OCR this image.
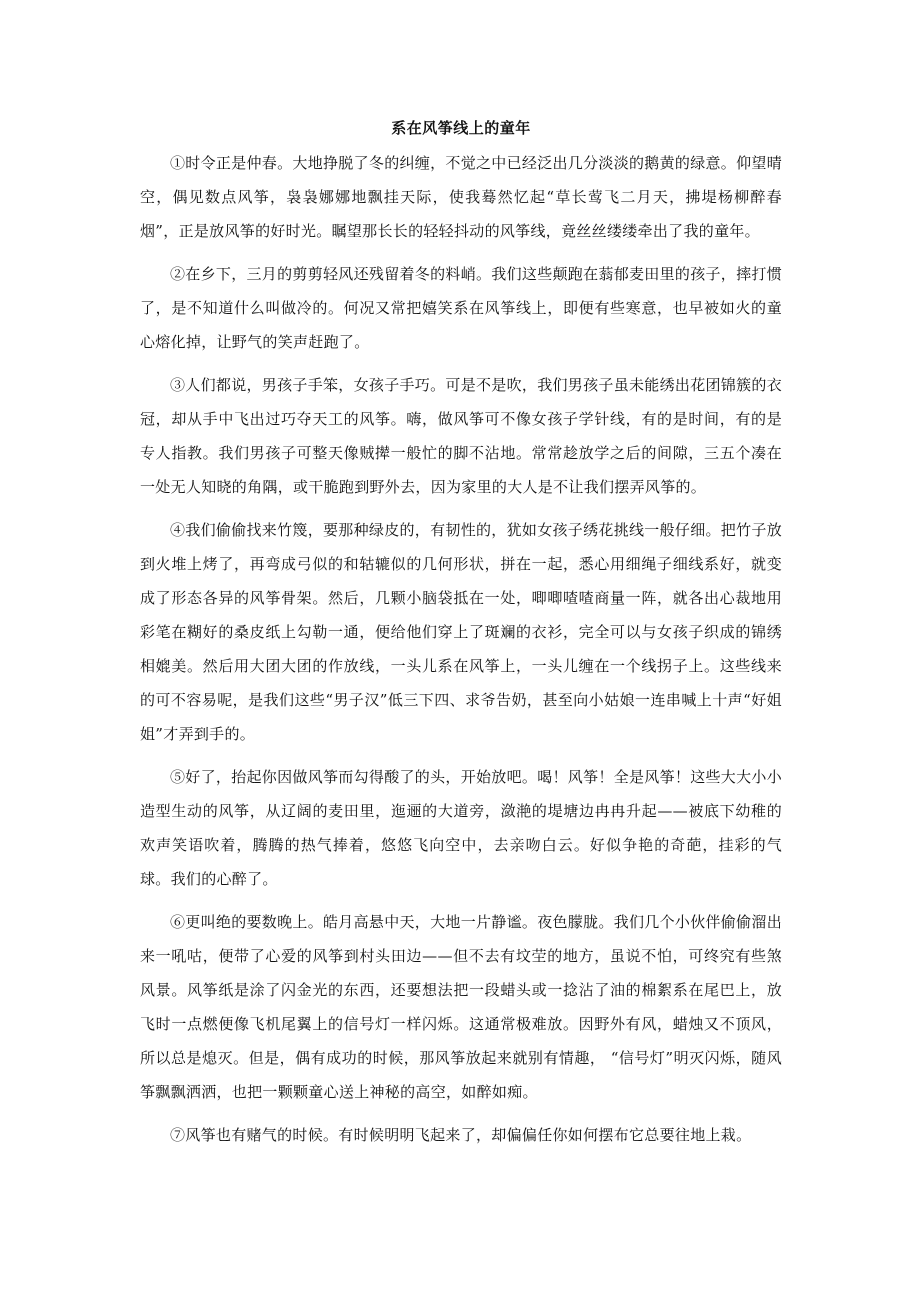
系在风筝线上的童年

①时令正是仲春。大地挣脱了冬的纠缠，不觉之中已经泛出几分淡淡的鹅黄的绿意。仰望晴空，偶见数点风筝，袅袅娜娜地飘挂天际，使我蓦然忆起“草长莺飞二月天，拂堤杨柳醉春烟”，正是放风筝的好时光。瞩望那长长的轻轻抖动的风筝线，竟丝丝缕缕牵出了我的童年。

②在乡下，三月的剪剪轻风还残留着冬的料峭。我们这些颠跑在蓊郁麦田里的孩子，摔打惯了，是不知道什么叫做冷的。何况又常把嬉笑系在风筝线上，即便有些寒意，也早被如火的童心熔化掉，让野气的笑声赶跑了。

③人们都说，男孩子手笨，女孩子手巧。可是不是吹，我们男孩子虽未能绣出花团锦簇的衣冠，却从手中飞出过巧夺天工的风筝。嗨，做风筝可不像女孩子学针线，有的是时间，有的是专人指教。我们男孩子可整天像贼撵一般忙的脚不沾地。常常趁放学之后的间隙，三五个凑在一处无人知晓的角隅，或干脆跑到野外去，因为家里的大人是不让我们摆弄风筝的。

④我们偷偷找来竹篾，要那种绿皮的，有韧性的，犹如女孩子绣花挑线一般仔细。把竹子放到火堆上烤了，再弯成弓似的和轱辘似的几何形状，拼在一起，悉心用细绳子细线系好，就变成了形态各异的风筝骨架。然后，几颗小脑袋抵在一处，唧唧喳喳商量一阵，就各出心裁地用彩笔在糊好的桑皮纸上勾勒一通，便给他们穿上了斑斓的衣衫，完全可以与女孩子织成的锦绣相媲美。然后用大团大团的作放线，一头儿系在风筝上，一头儿缠在一个线拐子上。这些线来的可不容易呢，是我们这些“男子汉”低三下四、求爷告奶，甚至向小姑娘一连串喊上十声“好姐姐”才弄到手的。

⑤好了，抬起你因做风筝而勾得酸了的头，开始放吧。喝！风筝！全是风筝！这些大大小小造型生动的风筝，从辽阔的麦田里，迤逦的大道旁，潋滟的堤塘边冉冉升起——被底下幼稚的欢声笑语吹着，腾腾的热气捧着，悠悠飞向空中，去亲吻白云。好似争艳的奇葩，挂彩的气球。我们的心醉了。

⑥更叫绝的要数晚上。皓月高悬中天，大地一片静谧。夜色朦胧。我们几个小伙伴偷偷溜出来一吼咕，便带了心爱的风筝到村头田边——但不去有坟茔的地方，虽说不怕，可终究有些煞风景。风筝纸是涂了闪金光的东西，还要想法把一段蜡头或一捻沾了油的棉絮系在尾巴上，放飞时一点燃便像飞机尾翼上的信号灯一样闪烁。这通常极难放。因野外有风，蜡烛又不顶风，所以总是熄灭。但是，偶有成功的时候，那风筝放起来就别有情趣， “信号灯”明灭闪烁，随风筝飘飘洒洒，也把一颗颗童心送上神秘的高空，如醉如痴。

⑦风筝也有赌气的时候。有时候明明飞起来了，却偏偏任你如何摆布它总要往地上栽。
